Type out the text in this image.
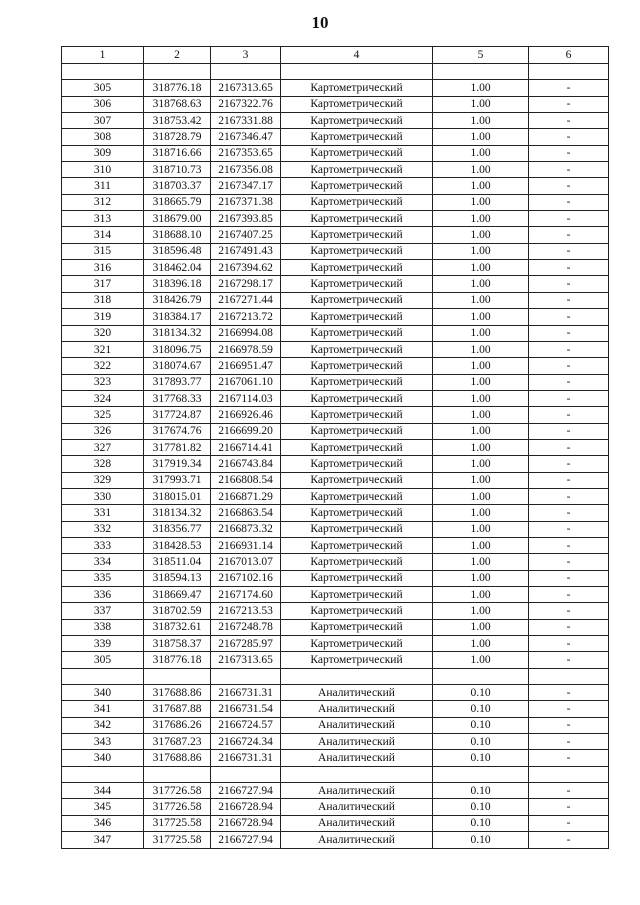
10
1	2	3	4	5	6

305	318776.18	2167313.65	Картометрический	1.00	-
306	318768.63	2167322.76	Картометрический	1.00	-
307	318753.42	2167331.88	Картометрический	1.00	-
308	318728.79	2167346.47	Картометрический	1.00	-
309	318716.66	2167353.65	Картометрический	1.00	-
310	318710.73	2167356.08	Картометрический	1.00	-
311	318703.37	2167347.17	Картометрический	1.00	-
312	318665.79	2167371.38	Картометрический	1.00	-
313	318679.00	2167393.85	Картометрический	1.00	-
314	318688.10	2167407.25	Картометрический	1.00	-
315	318596.48	2167491.43	Картометрический	1.00	-
316	318462.04	2167394.62	Картометрический	1.00	-
317	318396.18	2167298.17	Картометрический	1.00	-
318	318426.79	2167271.44	Картометрический	1.00	-
319	318384.17	2167213.72	Картометрический	1.00	-
320	318134.32	2166994.08	Картометрический	1.00	-
321	318096.75	2166978.59	Картометрический	1.00	-
322	318074.67	2166951.47	Картометрический	1.00	-
323	317893.77	2167061.10	Картометрический	1.00	-
324	317768.33	2167114.03	Картометрический	1.00	-
325	317724.87	2166926.46	Картометрический	1.00	-
326	317674.76	2166699.20	Картометрический	1.00	-
327	317781.82	2166714.41	Картометрический	1.00	-
328	317919.34	2166743.84	Картометрический	1.00	-
329	317993.71	2166808.54	Картометрический	1.00	-
330	318015.01	2166871.29	Картометрический	1.00	-
331	318134.32	2166863.54	Картометрический	1.00	-
332	318356.77	2166873.32	Картометрический	1.00	-
333	318428.53	2166931.14	Картометрический	1.00	-
334	318511.04	2167013.07	Картометрический	1.00	-
335	318594.13	2167102.16	Картометрический	1.00	-
336	318669.47	2167174.60	Картометрический	1.00	-
337	318702.59	2167213.53	Картометрический	1.00	-
338	318732.61	2167248.78	Картометрический	1.00	-
339	318758.37	2167285.97	Картометрический	1.00	-
305	318776.18	2167313.65	Картометрический	1.00	-

340	317688.86	2166731.31	Аналитический	0.10	-
341	317687.88	2166731.54	Аналитический	0.10	-
342	317686.26	2166724.57	Аналитический	0.10	-
343	317687.23	2166724.34	Аналитический	0.10	-
340	317688.86	2166731.31	Аналитический	0.10	-

344	317726.58	2166727.94	Аналитический	0.10	-
345	317726.58	2166728.94	Аналитический	0.10	-
346	317725.58	2166728.94	Аналитический	0.10	-
347	317725.58	2166727.94	Аналитический	0.10	-
